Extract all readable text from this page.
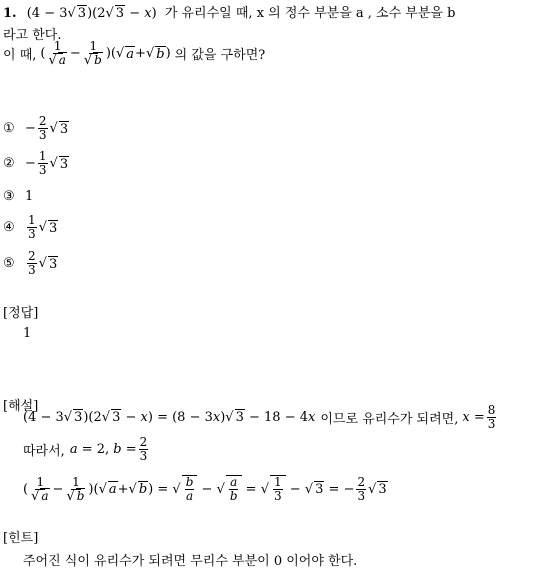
1. (4 − 3√ 3)(2√ 3 − x) 가 유리수일 때, x 의 정수 부분을 a , 소수 부분을 b
라고 한다.
이 때, ( $\frac{1}{√ a} - \frac{1}{√ b}$ )( √ a + √ b ) 의 값을 구하면?
① − $\frac{2}{3}$ √ 3
② − $\frac{1}{3}$ √ 3
③ 1
④	$\frac{1}{3}$ √ 3
⑤	$\frac{2}{3}$ √ 3
[정답]
1
[해설]
(4 − 3√ 3)(2√ 3 − x) = (8 − 3x)√ 3 − 18 − 4x 이므로 유리수가 되려면, $x = \frac{8}{3}$
따라서, a = 2, $b = \frac{2}{3}$
( $\frac{1}{√ a} - \frac{1}{√ b}$ )( √ a + √ b ) = √ $\frac{b}{a}$ − √ $\frac{a}{b}$ = √ $\frac{1}{3}$ − √ 3 = − $\frac{2}{3}$ √ 3
[힌트]
주어진 식이 유리수가 되려면 무리수 부분이 0 이어야 한다.
